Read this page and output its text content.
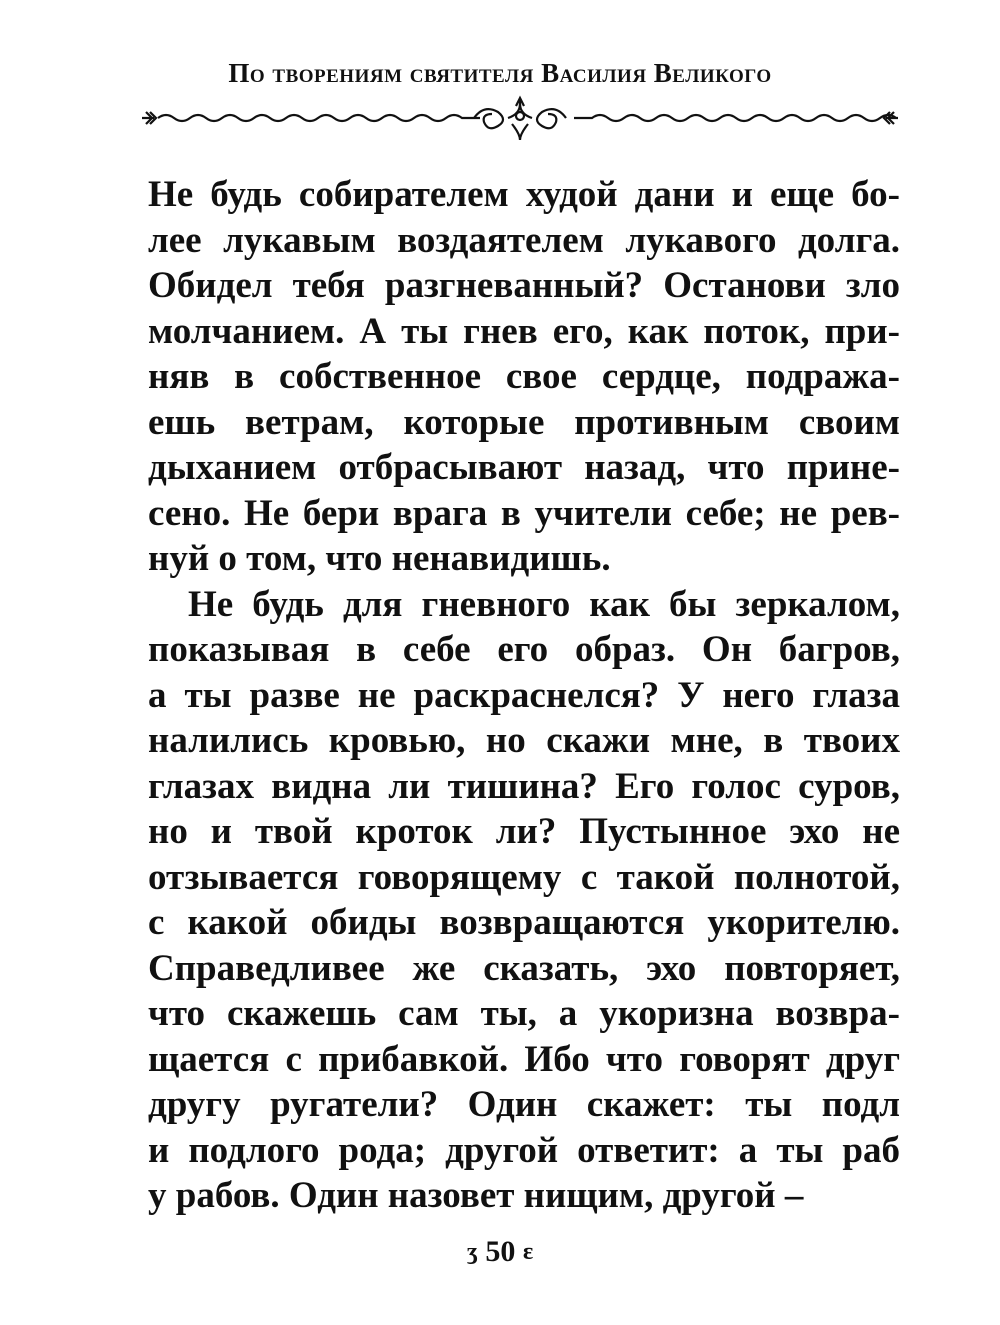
По творениям святителя Василия Великого
Не будь собирателем худой дани и еще бо-
лее лукавым воздаятелем лукавого долга.
Обидел тебя разгневанный? Останови зло
молчанием. А ты гнев его, как поток, при-
няв в собственное свое сердце, подража-
ешь ветрам, которые противным своим
дыханием отбрасывают назад, что прине-
сено. Не бери врага в учители себе; не рев-
нуй о том, что ненавидишь.
Не будь для гневного как бы зеркалом,
показывая в себе его образ. Он багров,
а ты разве не раскраснелся? У него глаза
налились кровью, но скажи мне, в твоих
глазах видна ли тишина? Его голос суров,
но и твой кроток ли? Пустынное эхо не
отзывается говорящему с такой полнотой,
с какой обиды возвращаются укорителю.
Справедливее же сказать, эхо повторяет,
что скажешь сам ты, а укоризна возвра-
щается с прибавкой. Ибо что говорят друг
другу ругатели? Один скажет: ты подл
и подлого рода; другой ответит: а ты раб
у рабов. Один назовет нищим, другой –
ʒ 50 ɛ
